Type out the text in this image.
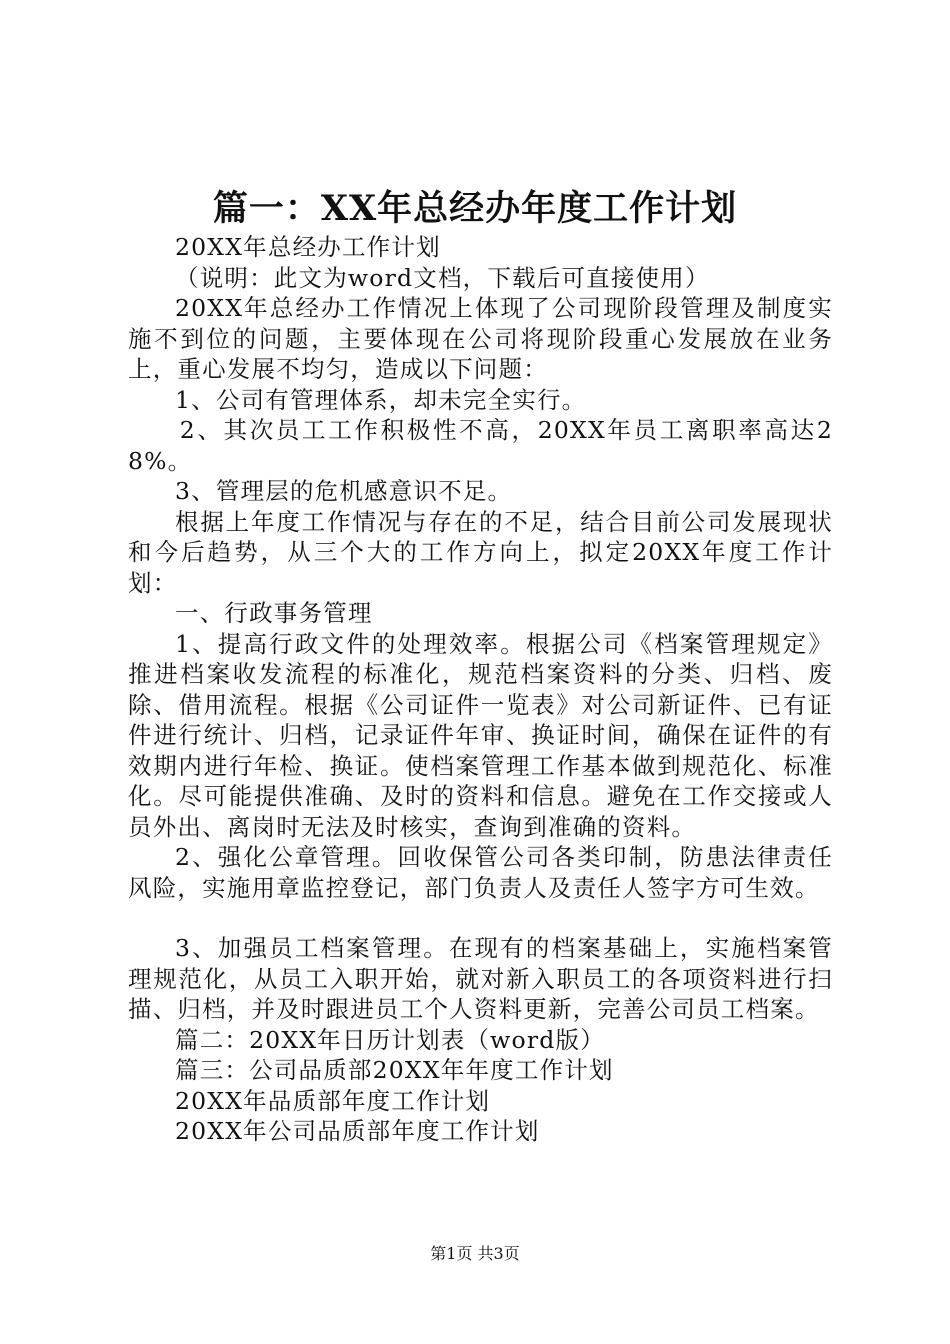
篇一：XX年总经办年度工作计划

20XX年总经办工作计划

（说明：此文为word文档，下载后可直接使用）

20XX年总经办工作情况上体现了公司现阶段管理及制度实施不到位的问题，主要体现在公司将现阶段重心发展放在业务上，重心发展不均匀，造成以下问题：

1、公司有管理体系，却未完全实行。

2、其次员工工作积极性不高，20XX年员工离职率高达28%。

3、管理层的危机感意识不足。

根据上年度工作情况与存在的不足，结合目前公司发展现状和今后趋势，从三个大的工作方向上，拟定20XX年度工作计划：

一、行政事务管理

1、提高行政文件的处理效率。根据公司《档案管理规定》推进档案收发流程的标准化，规范档案资料的分类、归档、废除、借用流程。根据《公司证件一览表》对公司新证件、已有证件进行统计、归档，记录证件年审、换证时间，确保在证件的有效期内进行年检、换证。使档案管理工作基本做到规范化、标准化。尽可能提供准确、及时的资料和信息。避免在工作交接或人员外出、离岗时无法及时核实，查询到准确的资料。

2、强化公章管理。回收保管公司各类印制，防患法律责任风险，实施用章监控登记，部门负责人及责任人签字方可生效。

3、加强员工档案管理。在现有的档案基础上，实施档案管理规范化，从员工入职开始，就对新入职员工的各项资料进行扫描、归档，并及时跟进员工个人资料更新，完善公司员工档案。

篇二：20XX年日历计划表（word版）

篇三：公司品质部20XX年年度工作计划

20XX年品质部年度工作计划

20XX年公司品质部年度工作计划

第1页 共3页
